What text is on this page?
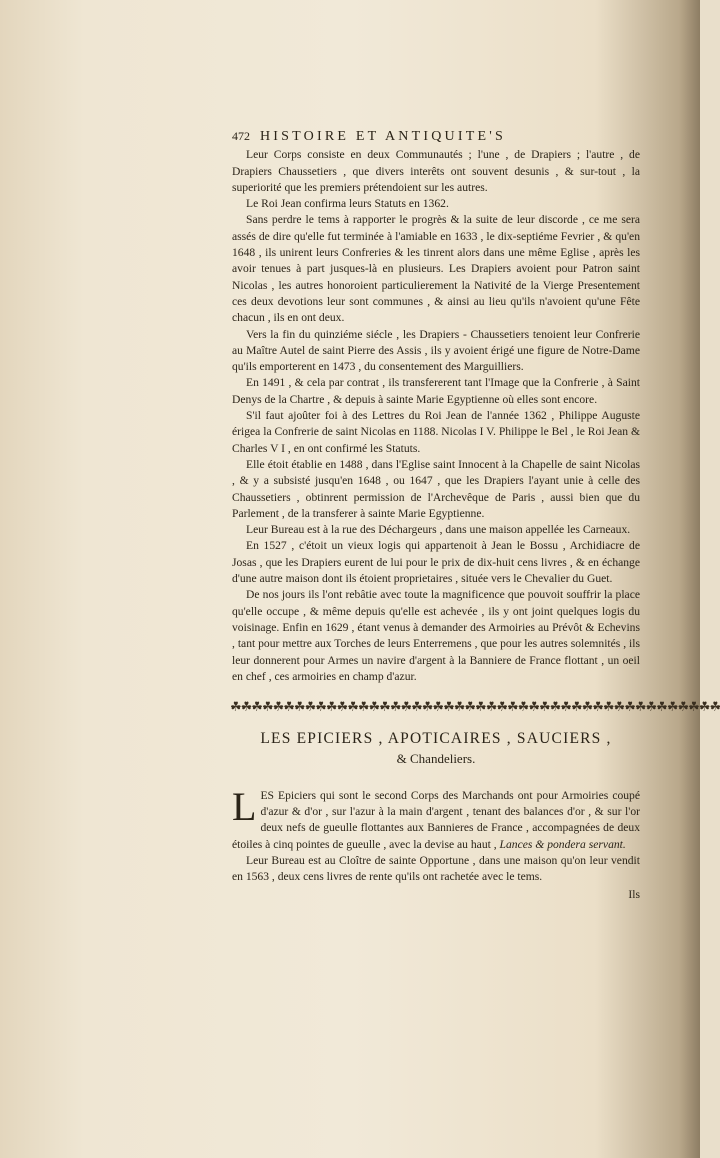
472 HISTOIRE ET ANTIQUITE'S

Leur Corps consiste en deux Communautés ; l'une , de Drapiers ; l'autre , de Drapiers Chaussetiers , que divers interêts ont souvent desunis , & sur-tout , la superiorité que les premiers prétendoient sur les autres.

Le Roi Jean confirma leurs Statuts en 1362.

Sans perdre le tems à rapporter le progrès & la suite de leur discorde , ce me sera assés de dire qu'elle fut terminée à l'amiable en 1633 , le dix-septiéme Fevrier , & qu'en 1648 , ils unirent leurs Confreries & les tinrent alors dans une même Eglise , après les avoir tenues à part jusques-là en plusieurs. Les Drapiers avoient pour Patron saint Nicolas , les autres honoroient particulierement la Nativité de la Vierge Presentement ces deux devotions leur sont communes , & ainsi au lieu qu'ils n'avoient qu'une Fête chacun , ils en ont deux.

Vers la fin du quinziéme siécle , les Drapiers - Chaussetiers tenoient leur Confrerie au Maître Autel de saint Pierre des Assis , ils y avoient érigé une figure de Notre-Dame qu'ils emporterent en 1473 , du consentement des Marguilliers.

En 1491 , & cela par contrat , ils transfererent tant l'Image que la Confrerie , à Saint Denys de la Chartre , & depuis à sainte Marie Egyptienne où elles sont encore.

S'il faut ajoûter foi à des Lettres du Roi Jean de l'année 1362 , Philippe Auguste érigea la Confrerie de saint Nicolas en 1188. Nicolas I V. Philippe le Bel , le Roi Jean & Charles V I , en ont confirmé les Statuts.

Elle étoit établie en 1488 , dans l'Eglise saint Innocent à la Chapelle de saint Nicolas , & y a subsisté jusqu'en 1648 , ou 1647 , que les Drapiers l'ayant unie à celle des Chaussetiers , obtinrent permission de l'Archevêque de Paris , aussi bien que du Parlement , de la transferer à sainte Marie Egyptienne.

Leur Bureau est à la rue des Déchargeurs , dans une maison appellée les Carneaux.

En 1527 , c'étoit un vieux logis qui appartenoit à Jean le Bossu , Archidiacre de Josas , que les Drapiers eurent de lui pour le prix de dix-huit cens livres , & en échange d'une autre maison dont ils étoient proprietaires , située vers le Chevalier du Guet.

De nos jours ils l'ont rebâtie avec toute la magnificence que pouvoit souffrir la place qu'elle occupe , & même depuis qu'elle est achevée , ils y ont joint quelques logis du voisinage. Enfin en 1629 , étant venus à demander des Armoiries au Prévôt & Echevins , tant pour mettre aux Torches de leurs Enterremens , que pour les autres solemnités , ils leur donnerent pour Armes un navire d'argent à la Banniere de France flottant , un oeil en chef , ces armoiries en champ d'azur.

☘☘☘☘☘☘☘☘☘☘☘☘☘☘☘☘☘☘☘☘☘☘☘☘☘☘☘☘☘☘☘☘☘☘☘☘☘☘☘☘☘☘☘☘☘☘
LES EPICIERS , APOTICAIRES , SAUCIERS ,
& Chandeliers.

L ES Epiciers qui sont le second Corps des Marchands ont pour Armoiries coupé d'azur & d'or , sur l'azur à la main d'argent , tenant des balances d'or , & sur l'or deux nefs de gueulle flottantes aux Bannieres de France , accompagnées de deux étoiles à cinq pointes de gueulle , avec la devise au haut , Lances & pondera servant.

Leur Bureau est au Cloître de sainte Opportune , dans une maison qu'on leur vendit en 1563 , deux cens livres de rente qu'ils ont rachetée avec le tems.

Ils
